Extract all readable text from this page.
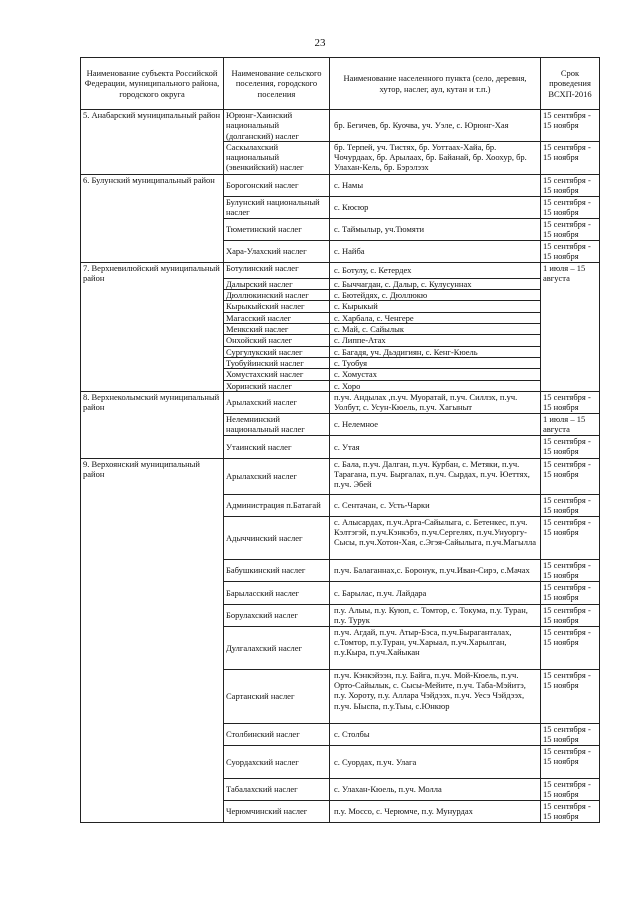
23
Наименование субъекта Российской Федерации, муниципального района, городского округа	Наименование сельского поселения, городского поселения	Наименование населенного пункта (село, деревня, хутор, наслег, аул, кутан и т.п.)	Срок проведения ВСХП-2016
5. Анабарский муниципальный район	Юрюнг-Хаинский национальный (долганский) наслег	бр. Бегичев, бр. Куочва, уч. Уэле, с. Юрюнг-Хая	15 сентября - 15 ноября
	Саскылахский национальный (эвенкийский) наслег	бр. Терпей, уч. Тистях, бр. Уоттаах-Хайа, бр. Чочурдаах, бр. Арылаах, бр. Байанай, бр. Хоохур, бр. Улахан-Кель, бр. Бэрэлээх	15 сентября - 15 ноября
6. Булунский муниципальный район	Борогонский наслег	с. Намы	15 сентября - 15 ноября
	Булунский национальный наслег	с. Кюсюр	15 сентября - 15 ноября
	Тюметинский наслег	с. Таймылыр, уч.Тюмяти	15 сентября - 15 ноября
	Хара-Улахский наслег	с. Найба	15 сентября - 15 ноября
7. Верхневилюйский муниципальный район	Ботулинский наслег	с. Ботулу, с. Кетердех	1 июля – 15 августа
	Далырский наслег	с. Быччагдан, с. Далыр, с. Кулусуннах	
	Дюллюкинский наслег	с. Бютейдях, с. Дюллюкю	
	Кырыкыйский наслег	с. Кырыкый	
	Магасский наслег	с. Харбала, с. Ченгере	
	Менкский наслег	с. Май, с. Сайылык	
	Онхойский наслег	с. Липпе-Атах	
	Сургулукский наслег	с. Багадя, уч. Дьэдигиян, с. Кенг-Кюель	
	Туобуйинский наслег	с. Туобуя	
	Хомустахский наслег	с. Хомустах	
	Хоринский наслег	с. Хоро	
8. Верхнеколымский муниципальный район	Арылахский наслег	п.уч. Андылах ,п.уч. Муоратай, п.уч. Силлэх, п.уч. Уолбут, с. Усун-Кюель, п.уч. Хагыныт	15 сентября - 15 ноября
	Нелемнинский национальный наслег	с. Нелемное	1 июля – 15 августа
	Утаинский наслег	с. Утая	15 сентября - 15 ноября
9. Верхоянский муниципальный район	Арылахский наслег	с. Бала, п.уч. Далган, п.уч. Курбан, с. Метяки, п.уч. Тарагана, п.уч. Быргалах, п.уч. Сырдах, п.уч. Юеттях, п.уч. Эбей	15 сентября - 15 ноября
	Администрация п.Батагай	с. Сентачан, с. Усть-Чарки	15 сентября - 15 ноября
	Адыччинский наслег	с. Алысардах, п.уч.Арга-Сайылыга, с. Бетенкес, п.уч. Кэлтэгэй, п.уч.Кэнкэбэ, п.уч.Сергелях, п.уч.Унуоргу-Сысы, п.уч.Хотон-Хая, с.Эгэя-Сайылыга, п.уч.Магылла	15 сентября - 15 ноября
	Бабушкинский наслег	п.уч. Балаганнах,с. Боронук, п.уч.Иван-Сирэ, с.Мачах	15 сентября - 15 ноября
	Барыласский наслег	с. Барылас, п.уч. Лайдара	15 сентября - 15 ноября
	Борулахский наслег	п.у. Алыы, п.у. Куюп, с. Томтор, с. Токума, п.у. Туран, п.у. Турук	15 сентября - 15 ноября
	Дулгалахский наслег	п.уч. Агдай, п.уч. Атыр-Бэса, п.уч.Быраганталах, с.Томтор, п.у.Туран, уч.Харыал, п.уч.Харылган, п.у.Кыра, п.уч.Хайыкан	15 сентября - 15 ноября
	Сартанский наслег	п.уч. Кэнкэйээн, п.у. Байга, п.уч. Мой-Кюель, п.уч. Орто-Сайылык, с. Сысы-Мейите, п.уч. Таба-Мэйитэ, п.у. Хороту, п.у. Аллара Чэйдээх, п.уч. Уесэ Чэйдээх, п.уч. Ыыспа, п.у.Тыы, с.Юнкюр	15 сентября - 15 ноября
	Столбинский наслег	с. Столбы	15 сентября - 15 ноября
	Суордахский наслег	с. Суордах, п.уч. Улага	15 сентября - 15 ноября
	Табалахский наслег	с. Улахан-Кюель, п.уч. Молла	15 сентября - 15 ноября
	Черюмчинский наслег	п.у. Моссо, с. Черюмче, п.у. Мунурдах	15 сентября - 15 ноября
